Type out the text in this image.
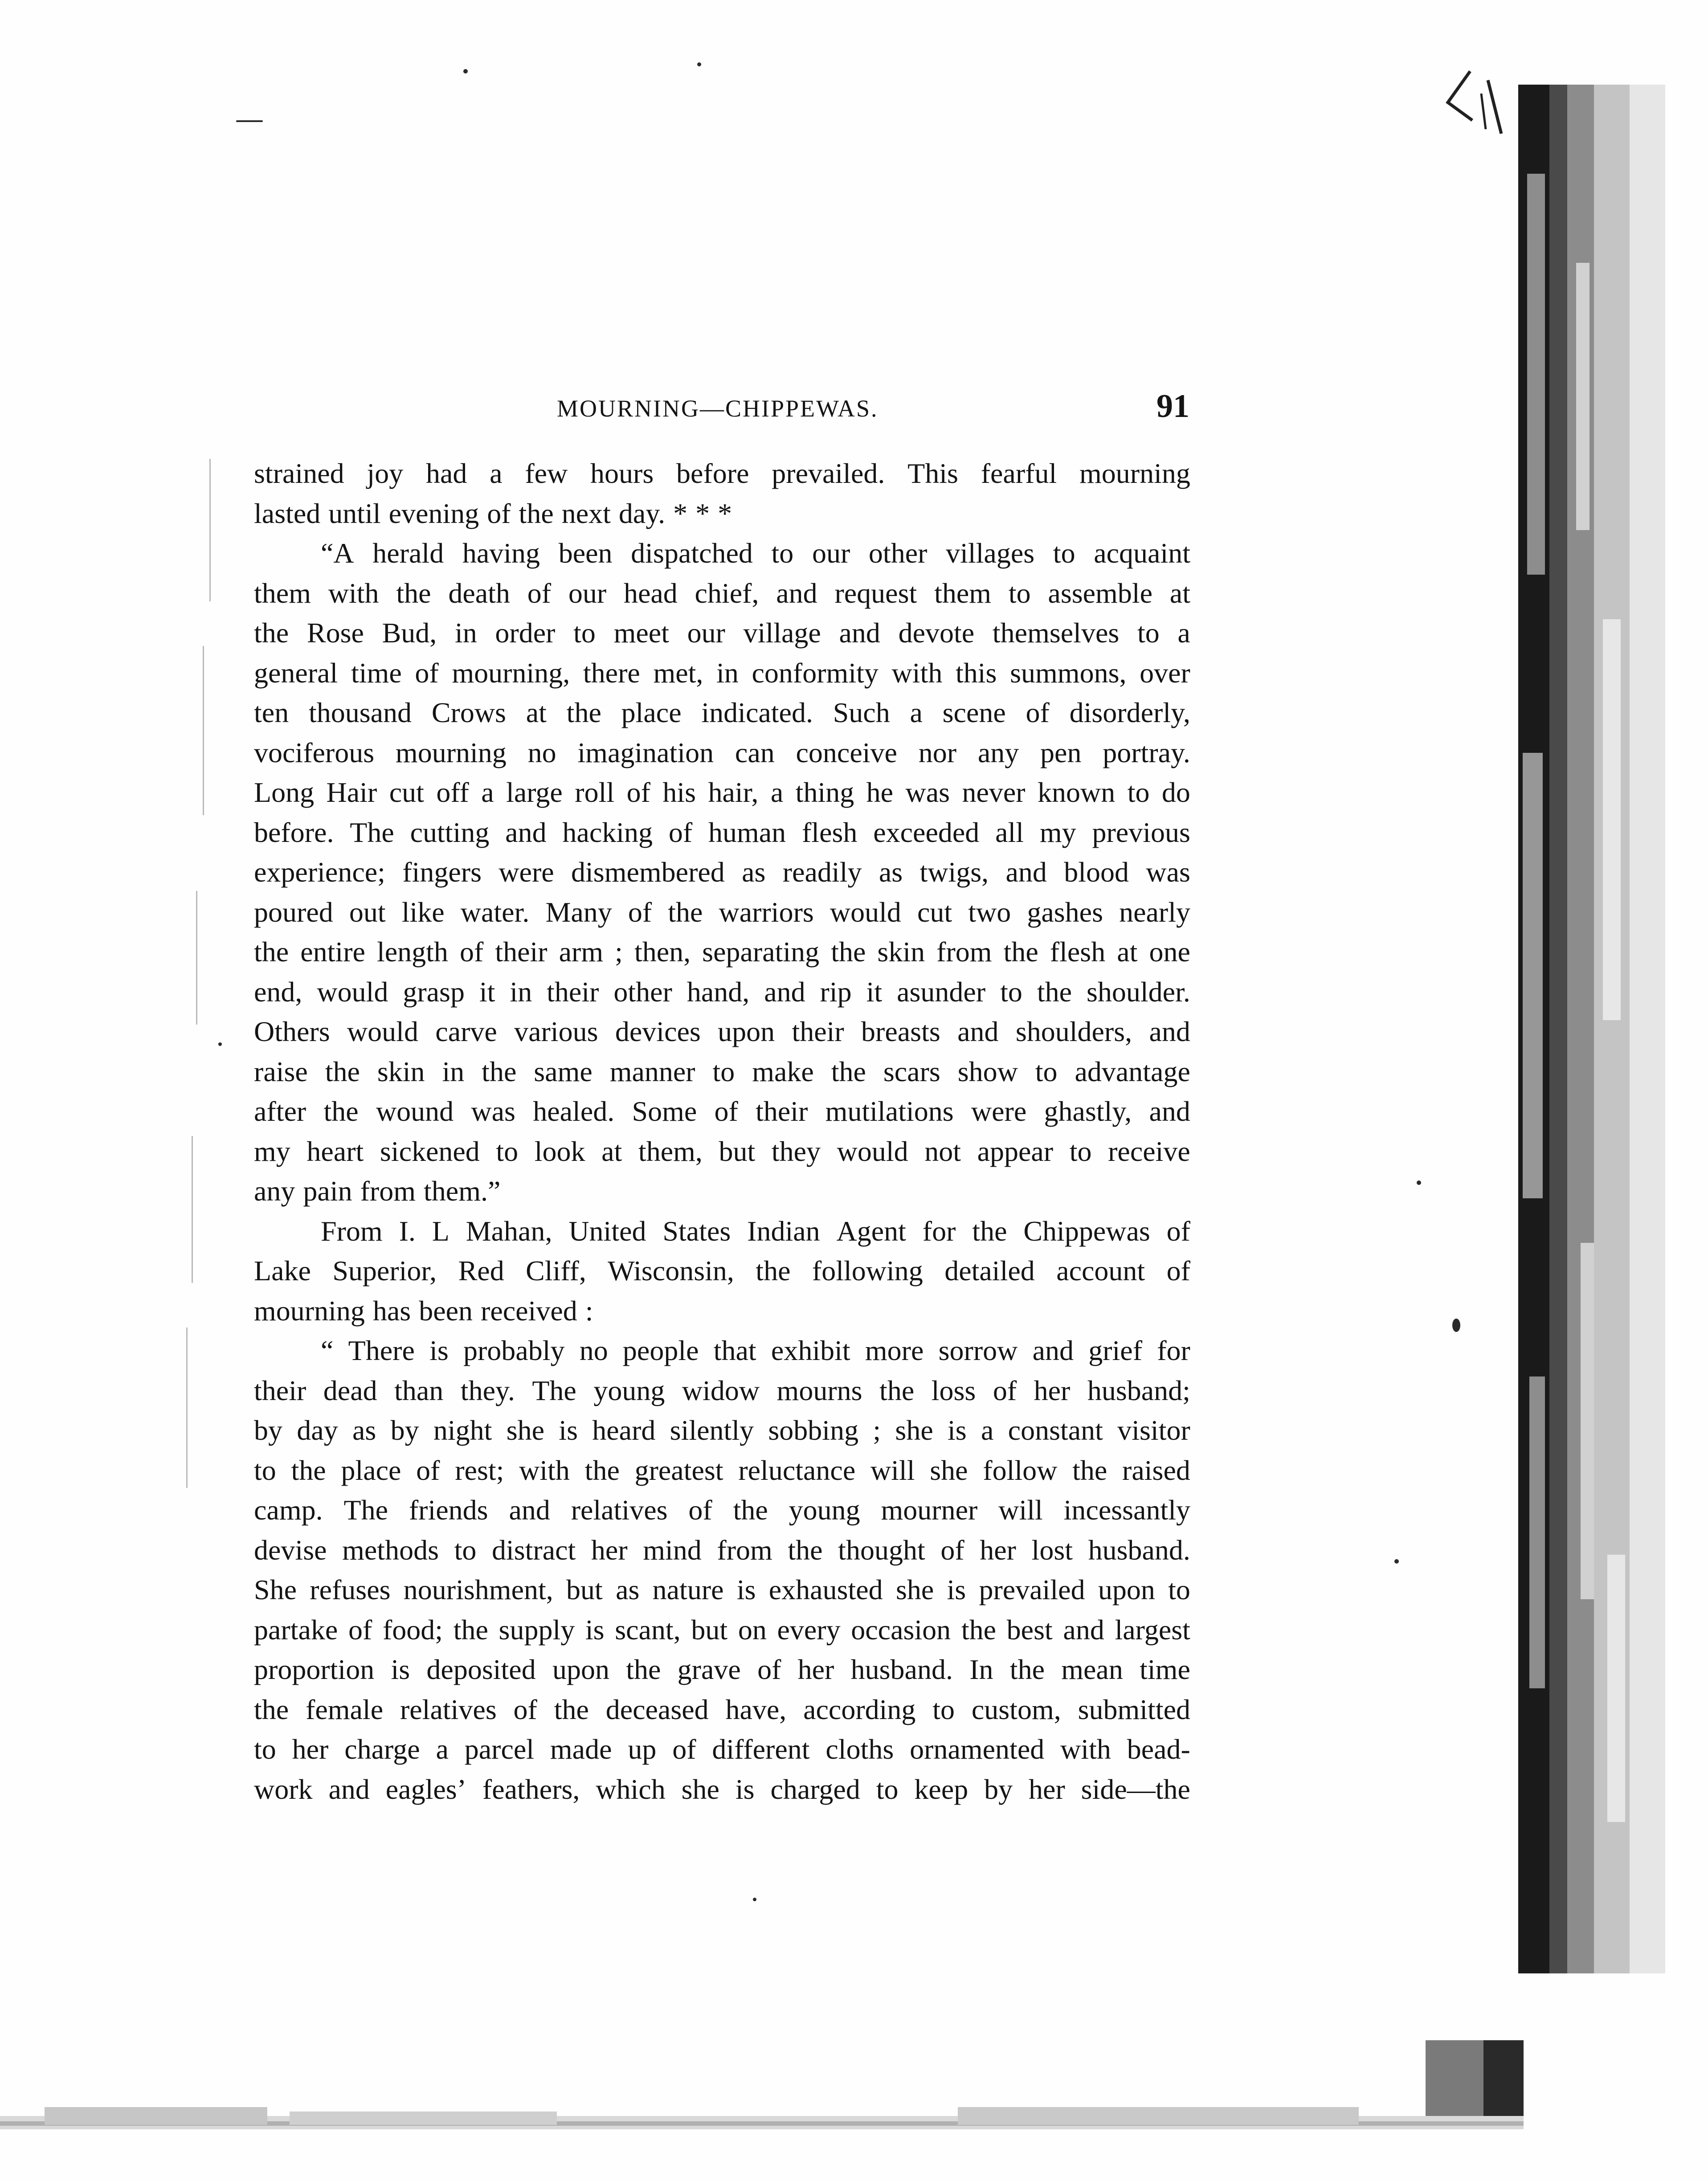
MOURNING—CHIPPEWAS.	91
strained joy had a few hours before prevailed. This fearful mourning
lasted until evening of the next day. * * *
“A herald having been dispatched to our other villages to acquaint
them with the death of our head chief, and request them to assemble at
the Rose Bud, in order to meet our village and devote themselves to a
general time of mourning, there met, in conformity with this summons, over
ten thousand Crows at the place indicated. Such a scene of disorderly,
vociferous mourning no imagination can conceive nor any pen portray.
Long Hair cut off a large roll of his hair, a thing he was never known to do
before. The cutting and hacking of human flesh exceeded all my previous
experience; fingers were dismembered as readily as twigs, and blood was
poured out like water. Many of the warriors would cut two gashes nearly
the entire length of their arm ; then, separating the skin from the flesh at one
end, would grasp it in their other hand, and rip it asunder to the shoulder.
Others would carve various devices upon their breasts and shoulders, and
raise the skin in the same manner to make the scars show to advantage
after the wound was healed. Some of their mutilations were ghastly, and
my heart sickened to look at them, but they would not appear to receive
any pain from them.”
From I. L Mahan, United States Indian Agent for the Chippewas of
Lake Superior, Red Cliff, Wisconsin, the following detailed account of
mourning has been received :
“ There is probably no people that exhibit more sorrow and grief for
their dead than they. The young widow mourns the loss of her husband;
by day as by night she is heard silently sobbing ; she is a constant visitor
to the place of rest; with the greatest reluctance will she follow the raised
camp. The friends and relatives of the young mourner will incessantly
devise methods to distract her mind from the thought of her lost husband.
She refuses nourishment, but as nature is exhausted she is prevailed upon to
partake of food; the supply is scant, but on every occasion the best and largest
proportion is deposited upon the grave of her husband. In the mean time
the female relatives of the deceased have, according to custom, submitted
to her charge a parcel made up of different cloths ornamented with bead-
work and eagles’ feathers, which she is charged to keep by her side—the
